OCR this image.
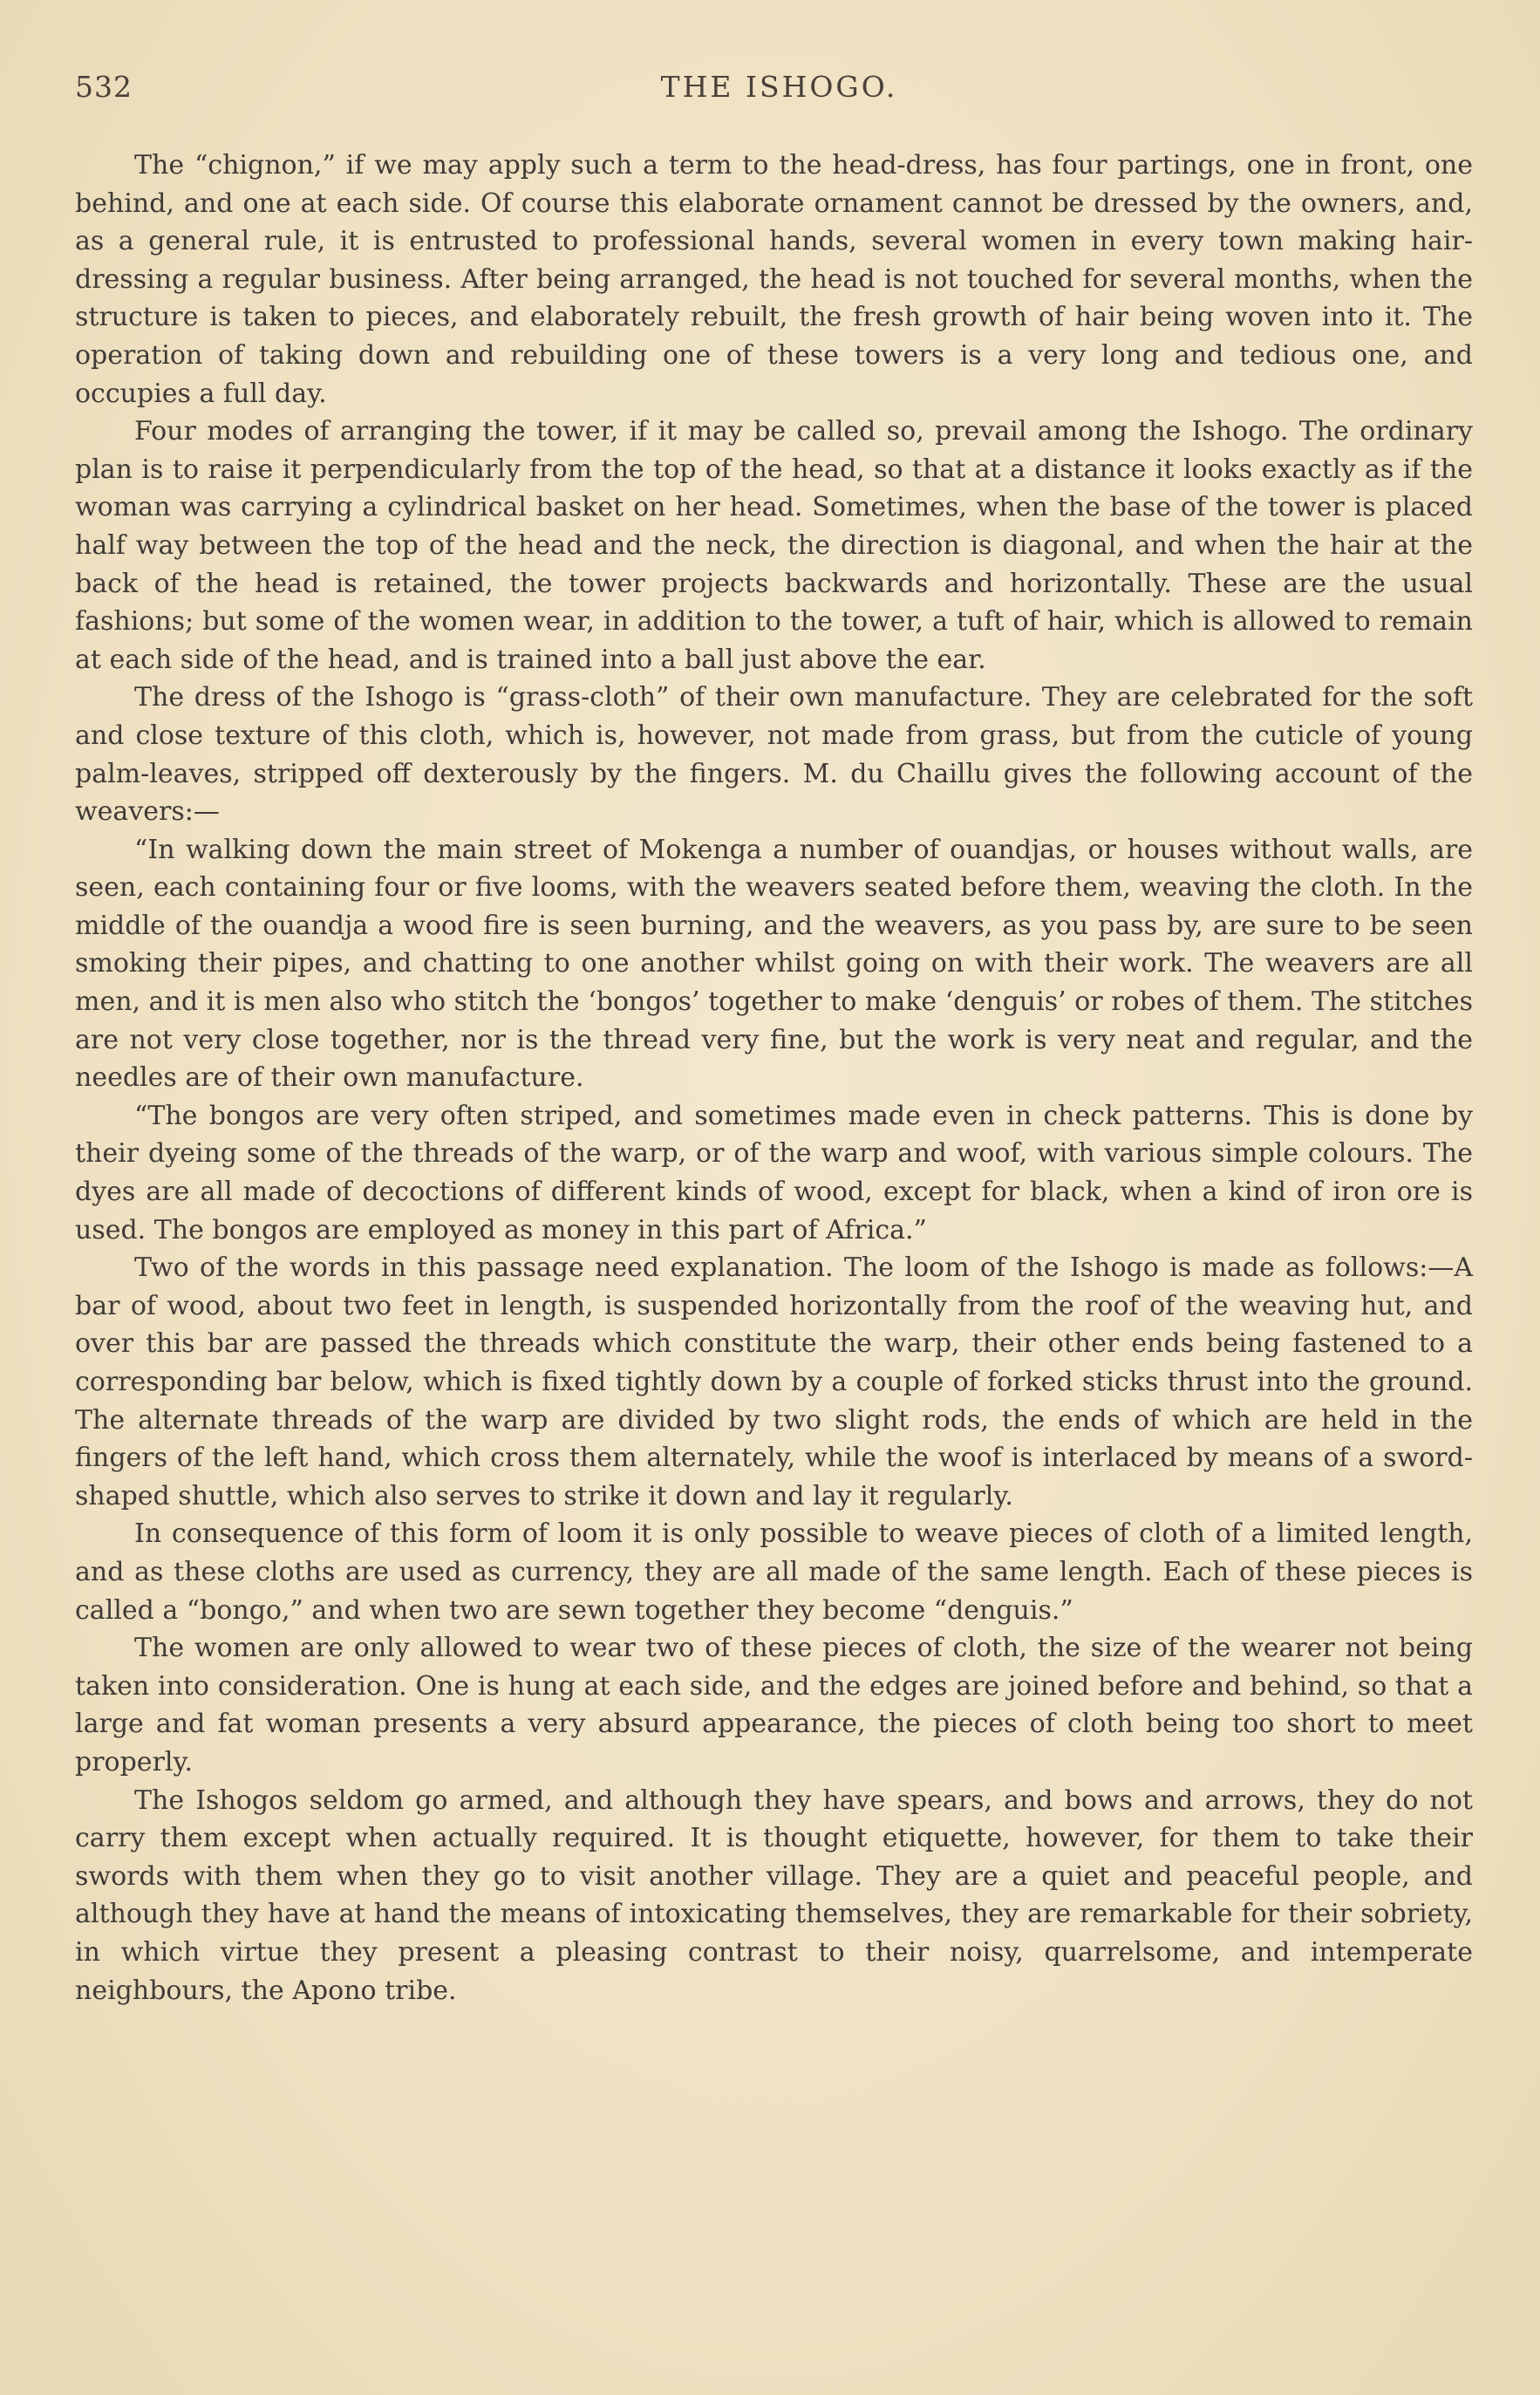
532	THE ISHOGO.

The “chignon,” if we may apply such a term to the head-dress, has four partings, one in front, one behind, and one at each side. Of course this elaborate ornament cannot be dressed by the owners, and, as a general rule, it is entrusted to professional hands, several women in every town making hair-dressing a regular business. After being arranged, the head is not touched for several months, when the structure is taken to pieces, and elaborately rebuilt, the fresh growth of hair being woven into it. The operation of taking down and rebuilding one of these towers is a very long and tedious one, and occupies a full day.

Four modes of arranging the tower, if it may be called so, prevail among the Ishogo. The ordinary plan is to raise it perpendicularly from the top of the head, so that at a distance it looks exactly as if the woman was carrying a cylindrical basket on her head. Sometimes, when the base of the tower is placed half way between the top of the head and the neck, the direction is diagonal, and when the hair at the back of the head is retained, the tower projects backwards and horizontally. These are the usual fashions; but some of the women wear, in addition to the tower, a tuft of hair, which is allowed to remain at each side of the head, and is trained into a ball just above the ear.

The dress of the Ishogo is “grass-cloth” of their own manufacture. They are celebrated for the soft and close texture of this cloth, which is, however, not made from grass, but from the cuticle of young palm-leaves, stripped off dexterously by the fingers. M. du Chaillu gives the following account of the weavers:—

“In walking down the main street of Mokenga a number of ouandjas, or houses without walls, are seen, each containing four or five looms, with the weavers seated before them, weaving the cloth. In the middle of the ouandja a wood fire is seen burning, and the weavers, as you pass by, are sure to be seen smoking their pipes, and chatting to one another whilst going on with their work. The weavers are all men, and it is men also who stitch the ‘bongos’ together to make ‘denguis’ or robes of them. The stitches are not very close together, nor is the thread very fine, but the work is very neat and regular, and the needles are of their own manufacture.

“The bongos are very often striped, and sometimes made even in check patterns. This is done by their dyeing some of the threads of the warp, or of the warp and woof, with various simple colours. The dyes are all made of decoctions of different kinds of wood, except for black, when a kind of iron ore is used. The bongos are employed as money in this part of Africa.”

Two of the words in this passage need explanation. The loom of the Ishogo is made as follows:—A bar of wood, about two feet in length, is suspended horizontally from the roof of the weaving hut, and over this bar are passed the threads which constitute the warp, their other ends being fastened to a corresponding bar below, which is fixed tightly down by a couple of forked sticks thrust into the ground. The alternate threads of the warp are divided by two slight rods, the ends of which are held in the fingers of the left hand, which cross them alternately, while the woof is interlaced by means of a sword-shaped shuttle, which also serves to strike it down and lay it regularly.

In consequence of this form of loom it is only possible to weave pieces of cloth of a limited length, and as these cloths are used as currency, they are all made of the same length. Each of these pieces is called a “bongo,” and when two are sewn together they become “denguis.”

The women are only allowed to wear two of these pieces of cloth, the size of the wearer not being taken into consideration. One is hung at each side, and the edges are joined before and behind, so that a large and fat woman presents a very absurd appearance, the pieces of cloth being too short to meet properly.

The Ishogos seldom go armed, and although they have spears, and bows and arrows, they do not carry them except when actually required. It is thought etiquette, however, for them to take their swords with them when they go to visit another village. They are a quiet and peaceful people, and although they have at hand the means of intoxicating themselves, they are remarkable for their sobriety, in which virtue they present a pleasing contrast to their noisy, quarrelsome, and intemperate neighbours, the Apono tribe.
